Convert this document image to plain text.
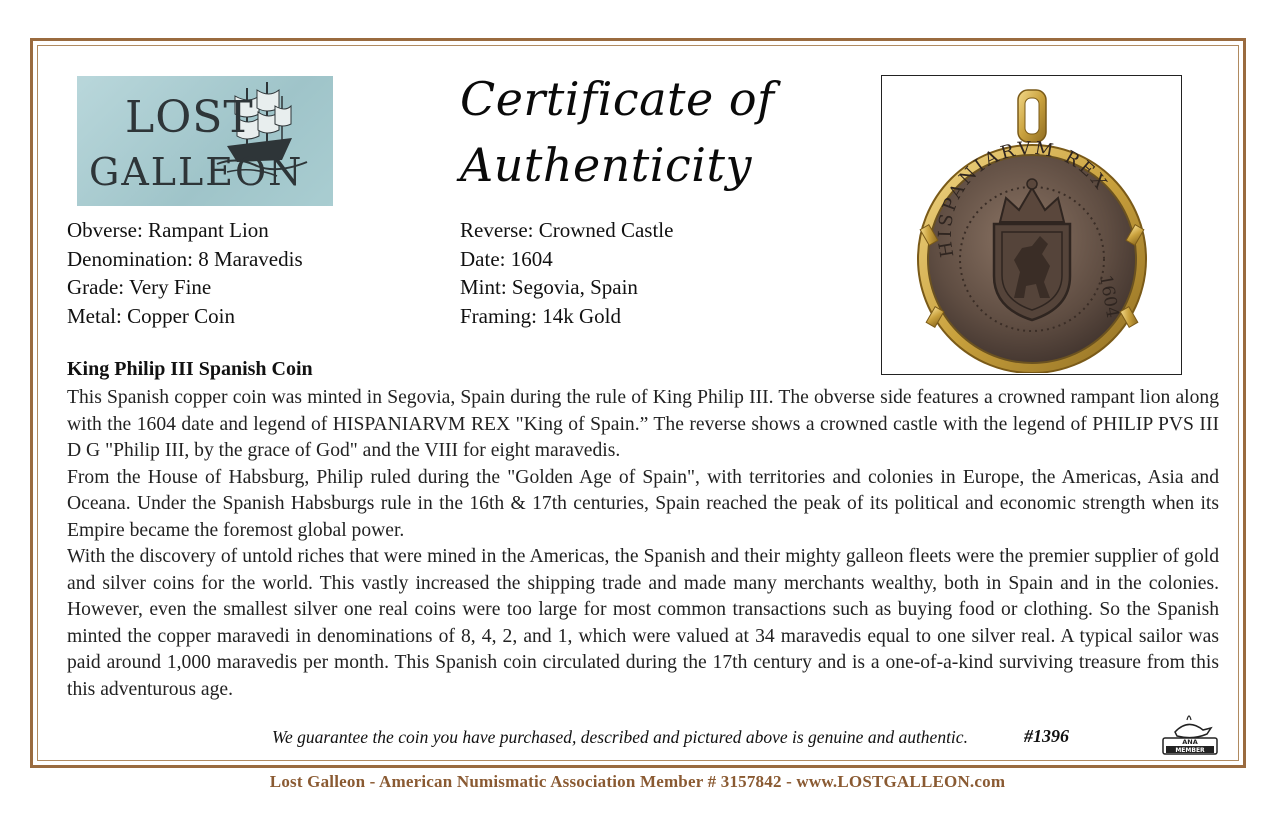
LOST
GALLEON
Certificate of
Authenticity
HISPANIARVM REX
1604
Obverse: Rampant Lion
Denomination: 8 Maravedis
Grade: Very Fine
Metal: Copper Coin
Reverse: Crowned Castle
Date: 1604
Mint: Segovia, Spain
Framing: 14k Gold
King Philip III Spanish Coin

This Spanish copper coin was minted in Segovia, Spain during the rule of King Philip III. The obverse side features a crowned rampant lion along with the 1604 date and legend of HISPANIARVM REX "King of Spain.” The reverse shows a crowned castle with the legend of PHILIP PVS III D G "Philip III, by the grace of God" and the VIII for eight maravedis.

From the House of Habsburg, Philip ruled during the "Golden Age of Spain", with territories and colonies in Europe, the Americas, Asia and Oceana. Under the Spanish Habsburgs rule in the 16th & 17th centuries, Spain reached the peak of its political and economic strength when its Empire became the foremost global power.

With the discovery of untold riches that were mined in the Americas, the Spanish and their mighty galleon fleets were the premier supplier of gold and silver coins for the world. This vastly increased the shipping trade and made many merchants wealthy, both in Spain and in the colonies. However, even the smallest silver one real coins were too large for most common transactions such as buying food or clothing. So the Spanish minted the copper maravedi in denominations of 8, 4, 2, and 1, which were valued at 34 maravedis equal to one silver real. A typical sailor was paid around 1,000 maravedis per month. This Spanish coin circulated during the 17th century and is a one-of-a-kind surviving treasure from this this adventurous age.

We guarantee the coin you have purchased, described and pictured above is genuine and authentic.	#1396	ANA
MEMBER
Lost Galleon - American Numismatic Association Member # 3157842 - www.LOSTGALLEON.com
